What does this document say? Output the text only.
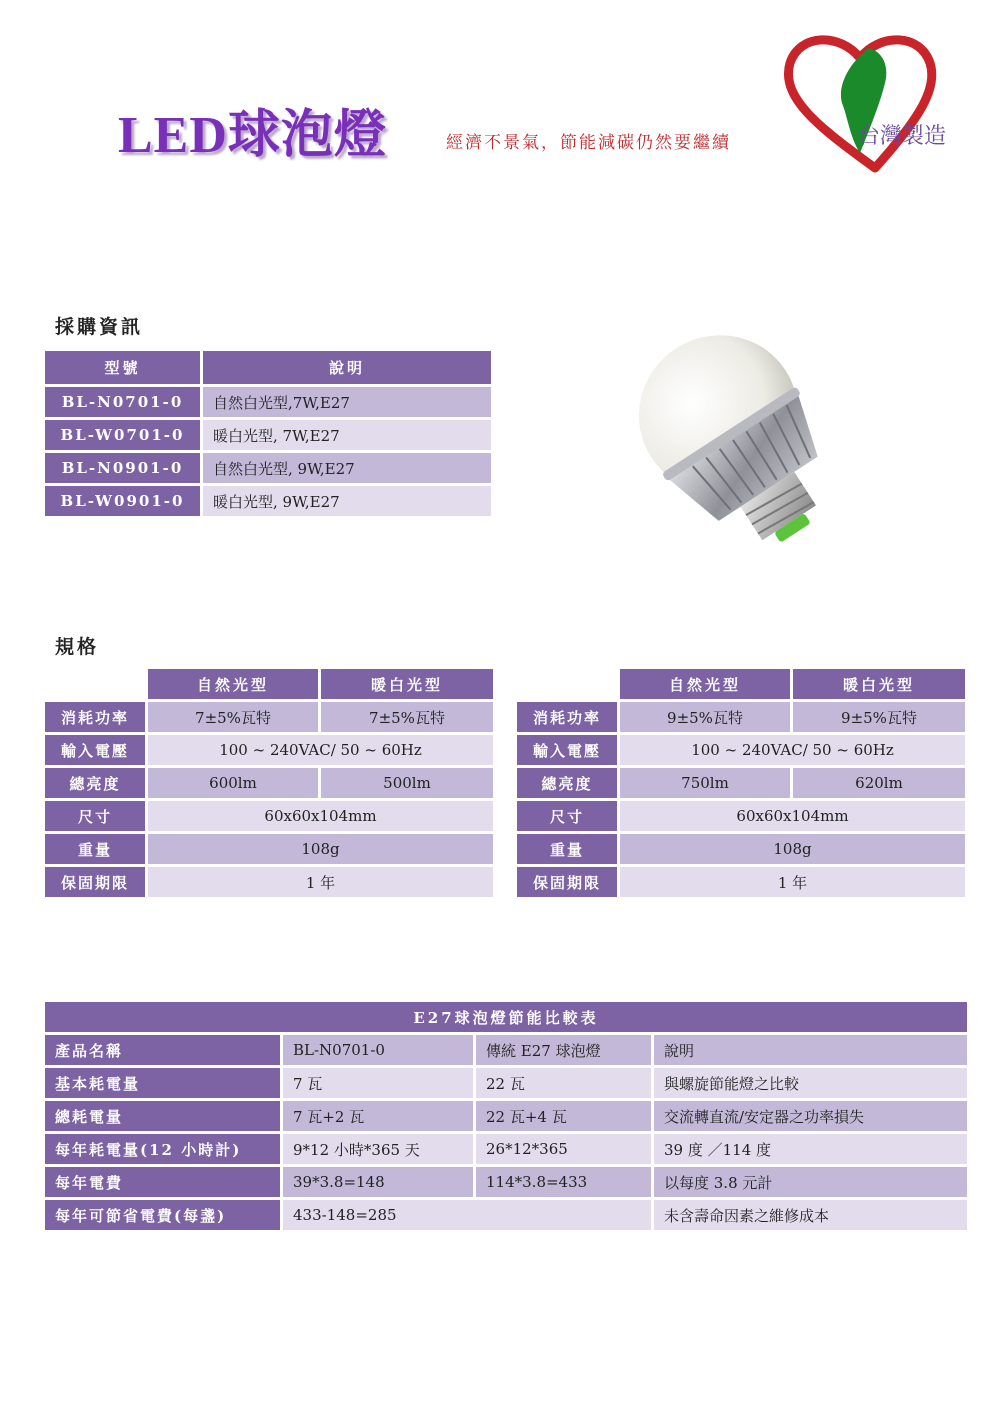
LED球泡燈	經濟不景氣，節能減碳仍然要繼續	台灣製造
採購資訊
型號	說明
BL-N0701-0	自然白光型,7W,E27
BL-W0701-0	暖白光型, 7W,E27
BL-N0901-0	自然白光型, 9W,E27
BL-W0901-0	暖白光型, 9W,E27
規格
	自然光型	暖白光型
消耗功率	7±5%瓦特	7±5%瓦特
輸入電壓	100 ~ 240VAC/ 50 ~ 60Hz	
總亮度	600lm	500lm
尺寸	60x60x104mm	
重量	108g	
保固期限	1 年	
	自然光型	暖白光型
消耗功率	9±5%瓦特	9±5%瓦特
輸入電壓	100 ~ 240VAC/ 50 ~ 60Hz	
總亮度	750lm	620lm
尺寸	60x60x104mm	
重量	108g	
保固期限	1 年	
E27球泡燈節能比較表			
產品名稱	BL-N0701-0	傳統 E27 球泡燈	說明
基本耗電量	7 瓦	22 瓦	與螺旋節能燈之比較
總耗電量	7 瓦+2 瓦	22 瓦+4 瓦	交流轉直流/安定器之功率損失
每年耗電量(12 小時計)	9*12 小時*365 天	26*12*365	39 度 ／114 度
每年電費	39*3.8=148	114*3.8=433	以每度 3.8 元計
每年可節省電費(每盞)	433-148=285		未含壽命因素之維修成本
